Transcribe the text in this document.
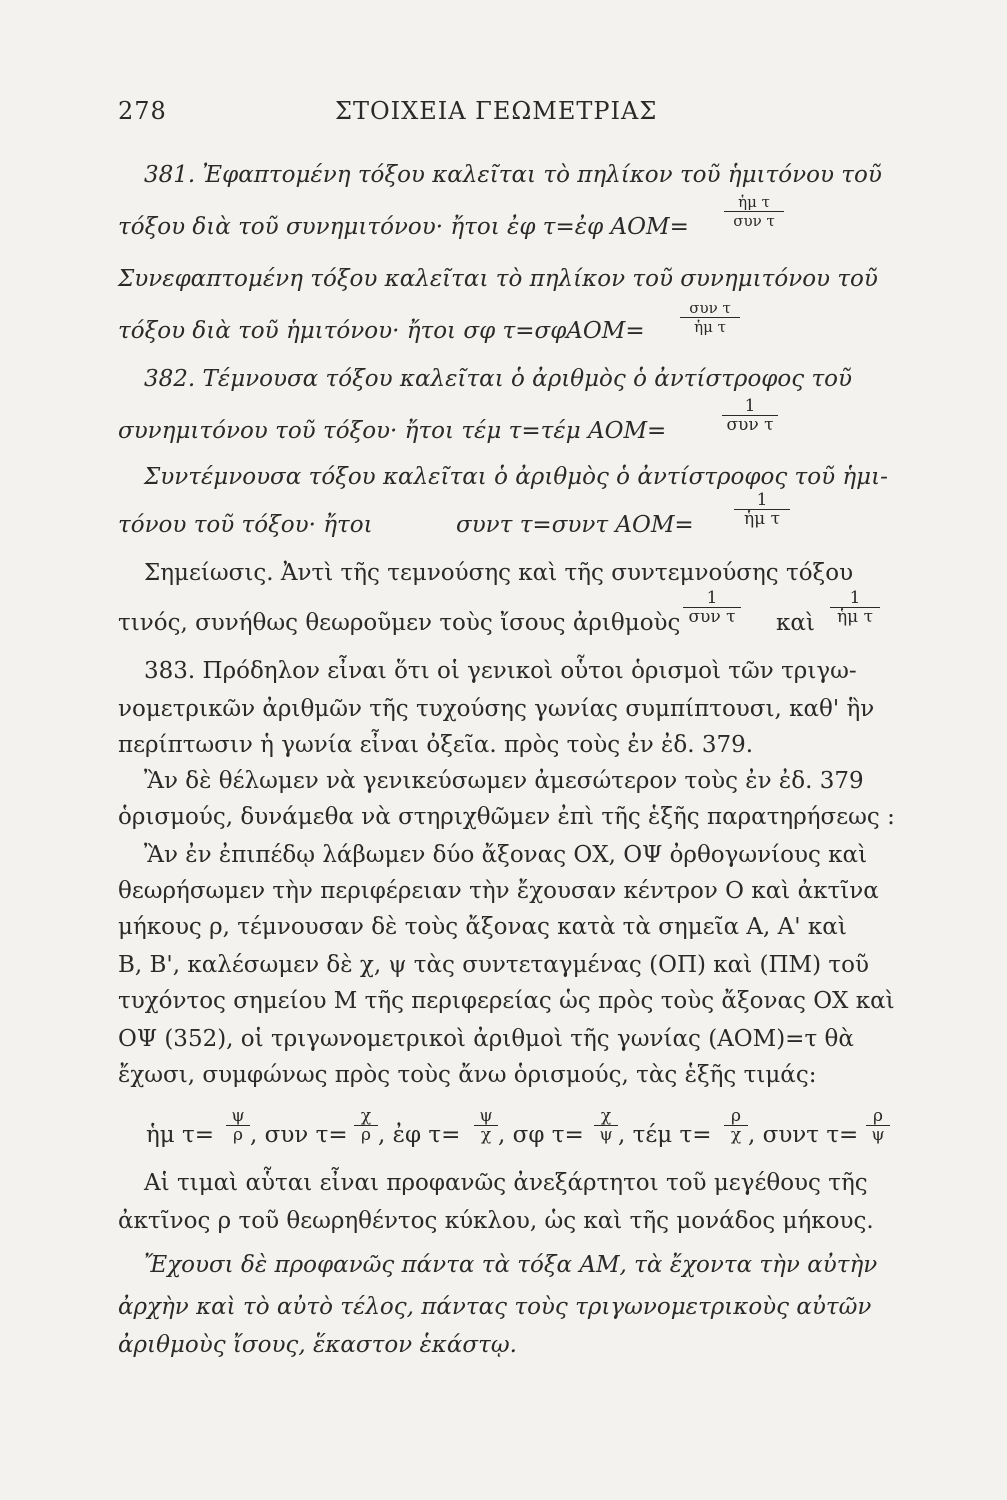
278	ΣΤΟΙΧΕΙΑ ΓΕΩΜΕΤΡΙΑΣ
381. Ἐφαπτομένη τόξου καλεῖται τὸ πηλίκον τοῦ ἡμιτόνου τοῦ
τόξου διὰ τοῦ συνημιτόνου· ἤτοι ἐφ τ=ἐφ ΑΟΜ=
ἡμ τ
συν τ
Συνεφαπτομένη τόξου καλεῖται τὸ πηλίκον τοῦ συνημιτόνου τοῦ
τόξου διὰ τοῦ ἡμιτόνου· ἤτοι σφ τ=σφΑΟΜ=
συν τ
ἡμ τ
382. Τέμνουσα τόξου καλεῖται ὁ ἀριθμὸς ὁ ἀντίστροφος τοῦ
συνημιτόνου τοῦ τόξου· ἤτοι τέμ τ=τέμ ΑΟΜ=
1
συν τ
Συντέμνουσα τόξου καλεῖται ὁ ἀριθμὸς ὁ ἀντίστροφος τοῦ ἡμι-
τόνου τοῦ τόξου· ἤτοι	συντ τ=συντ ΑΟΜ=
1
ἡμ τ
Σημείωσις. Ἀντὶ τῆς τεμνούσης καὶ τῆς συντεμνούσης τόξου
τινός, συνήθως θεωροῦμεν τοὺς ἴσους ἀριθμοὺς
1
συν τ καὶ
1
ἡμ τ
383. Πρόδηλον εἶναι ὅτι οἱ γενικοὶ οὗτοι ὁρισμοὶ τῶν τριγω-
νομετρικῶν ἀριθμῶν τῆς τυχούσης γωνίας συμπίπτουσι, καθ' ἣν
περίπτωσιν ἡ γωνία εἶναι ὀξεῖα. πρὸς τοὺς ἐν ἐδ. 379.
Ἂν δὲ θέλωμεν νὰ γενικεύσωμεν ἀμεσώτερον τοὺς ἐν ἐδ. 379
ὁρισμούς, δυνάμεθα νὰ στηριχθῶμεν ἐπὶ τῆς ἑξῆς παρατηρήσεως :
Ἂν ἐν ἐπιπέδῳ λάβωμεν δύο ἄξονας ΟΧ, ΟΨ ὀρθογωνίους καὶ
θεωρήσωμεν τὴν περιφέρειαν τὴν ἔχουσαν κέντρον Ο καὶ ἀκτῖνα
μήκους ρ, τέμνουσαν δὲ τοὺς ἄξονας κατὰ τὰ σημεῖα Α, Α' καὶ
Β, Β', καλέσωμεν δὲ χ, ψ τὰς συντεταγμένας (ΟΠ) καὶ (ΠΜ) τοῦ
τυχόντος σημείου Μ τῆς περιφερείας ὡς πρὸς τοὺς ἄξονας ΟΧ καὶ
ΟΨ (352), οἱ τριγωνομετρικοὶ ἀριθμοὶ τῆς γωνίας (ΑΟΜ)=τ θὰ
ἔχωσι, συμφώνως πρὸς τοὺς ἄνω ὁρισμούς, τὰς ἑξῆς τιμάς:
ἡμ τ=
ψ
ρ , συν τ=
χ
ρ , ἐφ τ=
ψ
χ , σφ τ=
χ
ψ , τέμ τ=
ρ
χ , συντ τ=
ρ
ψ
Αἱ τιμαὶ αὗται εἶναι προφανῶς ἀνεξάρτητοι τοῦ μεγέθους τῆς
ἀκτῖνος ρ τοῦ θεωρηθέντος κύκλου, ὡς καὶ τῆς μονάδος μήκους.
Ἔχουσι δὲ προφανῶς πάντα τὰ τόξα ΑΜ, τὰ ἔχοντα τὴν αὐτὴν
ἀρχὴν καὶ τὸ αὐτὸ τέλος, πάντας τοὺς τριγωνομετρικοὺς αὐτῶν
ἀριθμοὺς ἴσους, ἕκαστον ἑκάστῳ.
